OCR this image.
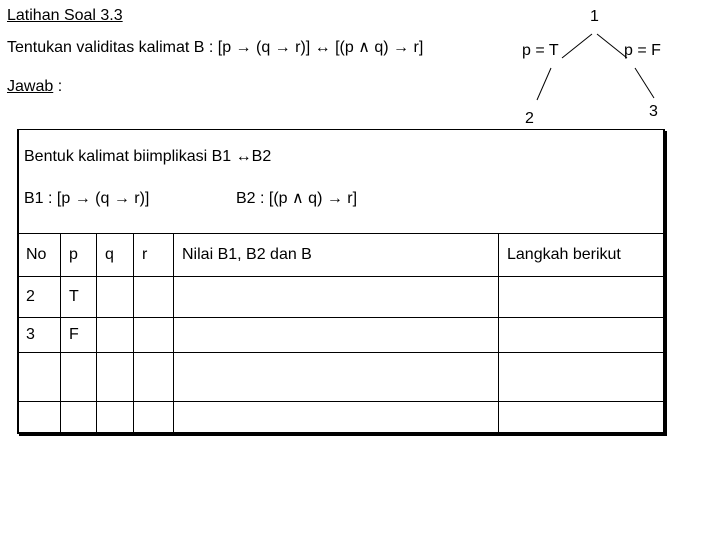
Latihan Soal 3.3
Tentukan validitas kalimat B : [p → (q → r)] ↔ [(p ∧ q) → r]
Jawab :
1
p = T	p = F
2	3
Bentuk kalimat biimplikasi B1 ↔B2
B1 : [p → (q → r)]	B2 : [(p ∧ q) → r]
No	p	q	r	Nilai B1, B2 dan B	Langkah berikut
2	T				
3	F				
